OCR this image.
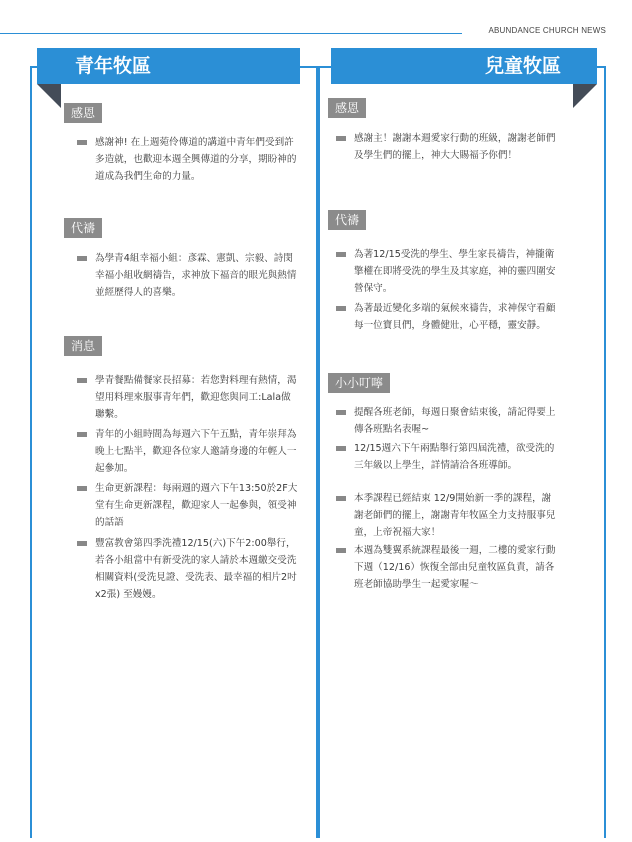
ABUNDANCE CHURCH NEWS
青年牧區
感恩
感謝神! 在上週菀伶傳道的講道中青年們受到許多造就，也歡迎本週全興傳道的分享，期盼神的道成為我們生命的力量。
代禱
為學青4組幸福小組：彥霖、憲凱、宗毅、詩閔幸福小組收網禱告，求神放下福音的眼光與熱情並經歷得人的喜樂。
消息
學青餐點備餐家長招募：若您對料理有熱情，渴望用料理來服事青年們，歡迎您與同工:Lala做聯繫。
青年的小組時間為每週六下午五點，青年崇拜為晚上七點半，歡迎各位家人邀請身邊的年輕人一起參加。
生命更新課程：每兩週的週六下午13:50於2F大堂有生命更新課程，歡迎家人一起參與，領受神的話語
豐富教會第四季洗禮12/15(六)下午2:00舉行，若各小組當中有新受洗的家人請於本週繳交受洗相關資料(受洗見證、受洗表、最幸福的相片2吋x2張) 至嫚嫚。
兒童牧區
感恩
感謝主！謝謝本週愛家行動的班級，謝謝老師們及學生們的擺上，神大大賜福予你們！
代禱
為著12/15受洗的學生、學生家長禱告，神攏衛擎權在即將受洗的學生及其家庭，神的靈四圍安營保守。
為著最近變化多端的氣候來禱告，求神保守看顧每一位寶貝們，身體健壯，心平穩，靈安靜。
小小叮嚀
提醒各班老師，每週日聚會結束後，請記得要上傳各班點名表喔~
12/15週六下午兩點舉行第四屆洗禮，欲受洗的三年級以上學生，詳情請洽各班導師。
本季課程已經結束 12/9開始新一季的課程，謝謝老師們的擺上，謝謝青年牧區全力支持服事兒童，上帝祝福大家！
本週為雙翼系統課程最後一週，二樓的愛家行動下週（12/16）恢復全部由兒童牧區負責，請各班老師協助學生一起愛家喔～
